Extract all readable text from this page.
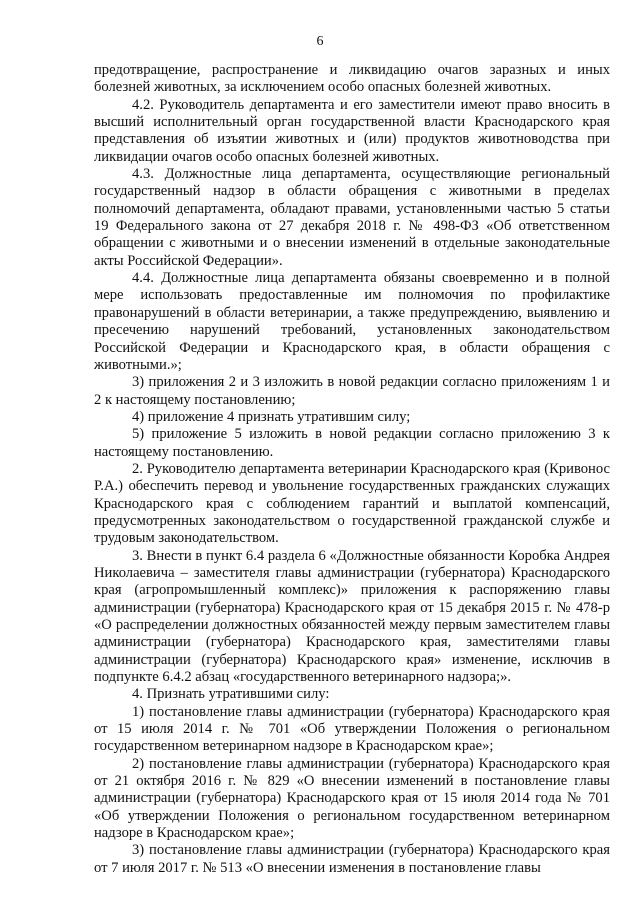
6

предотвращение, распространение и ликвидацию очагов заразных и иных болезней животных, за исключением особо опасных болезней животных.

4.2. Руководитель департамента и его заместители имеют право вносить в высший исполнительный орган государственной власти Краснодарского края представления об изъятии животных и (или) продуктов животноводства при ликвидации очагов особо опасных болезней животных.

4.3. Должностные лица департамента, осуществляющие региональный государственный надзор в области обращения с животными в пределах полномочий департамента, обладают правами, установленными частью 5 статьи 19 Федерального закона от 27 декабря 2018 г. № 498-ФЗ «Об ответственном обращении с животными и о внесении изменений в отдельные законодательные акты Российской Федерации».

4.4. Должностные лица департамента обязаны своевременно и в полной мере использовать предоставленные им полномочия по профилактике правонарушений в области ветеринарии, а также предупреждению, выявлению и пресечению нарушений требований, установленных законодательством Российской Федерации и Краснодарского края, в области обращения с животными.»;

3) приложения 2 и 3 изложить в новой редакции согласно приложениям 1 и 2 к настоящему постановлению;

4) приложение 4 признать утратившим силу;

5) приложение 5 изложить в новой редакции согласно приложению 3 к настоящему постановлению.

2. Руководителю департамента ветеринарии Краснодарского края (Кривонос Р.А.) обеспечить перевод и увольнение государственных гражданских служащих Краснодарского края с соблюдением гарантий и выплатой компенсаций, предусмотренных законодательством о государственной гражданской службе и трудовым законодательством.

3. Внести в пункт 6.4 раздела 6 «Должностные обязанности Коробка Андрея Николаевича – заместителя главы администрации (губернатора) Краснодарского края (агропромышленный комплекс)» приложения к распоряжению главы администрации (губернатора) Краснодарского края от 15 декабря 2015 г. № 478-р «О распределении должностных обязанностей между первым заместителем главы администрации (губернатора) Краснодарского края, заместителями главы администрации (губернатора) Краснодарского края» изменение, исключив в подпункте 6.4.2 абзац «государственного ветеринарного надзора;».

4. Признать утратившими силу:

1) постановление главы администрации (губернатора) Краснодарского края от 15 июля 2014 г. № 701 «Об утверждении Положения о региональном государственном ветеринарном надзоре в Краснодарском крае»;

2) постановление главы администрации (губернатора) Краснодарского края от 21 октября 2016 г. № 829 «О внесении изменений в постановление главы администрации (губернатора) Краснодарского края от 15 июля 2014 года № 701 «Об утверждении Положения о региональном государственном ветеринарном надзоре в Краснодарском крае»;

3) постановление главы администрации (губернатора) Краснодарского края от 7 июля 2017 г. № 513 «О внесении изменения в постановление главы
